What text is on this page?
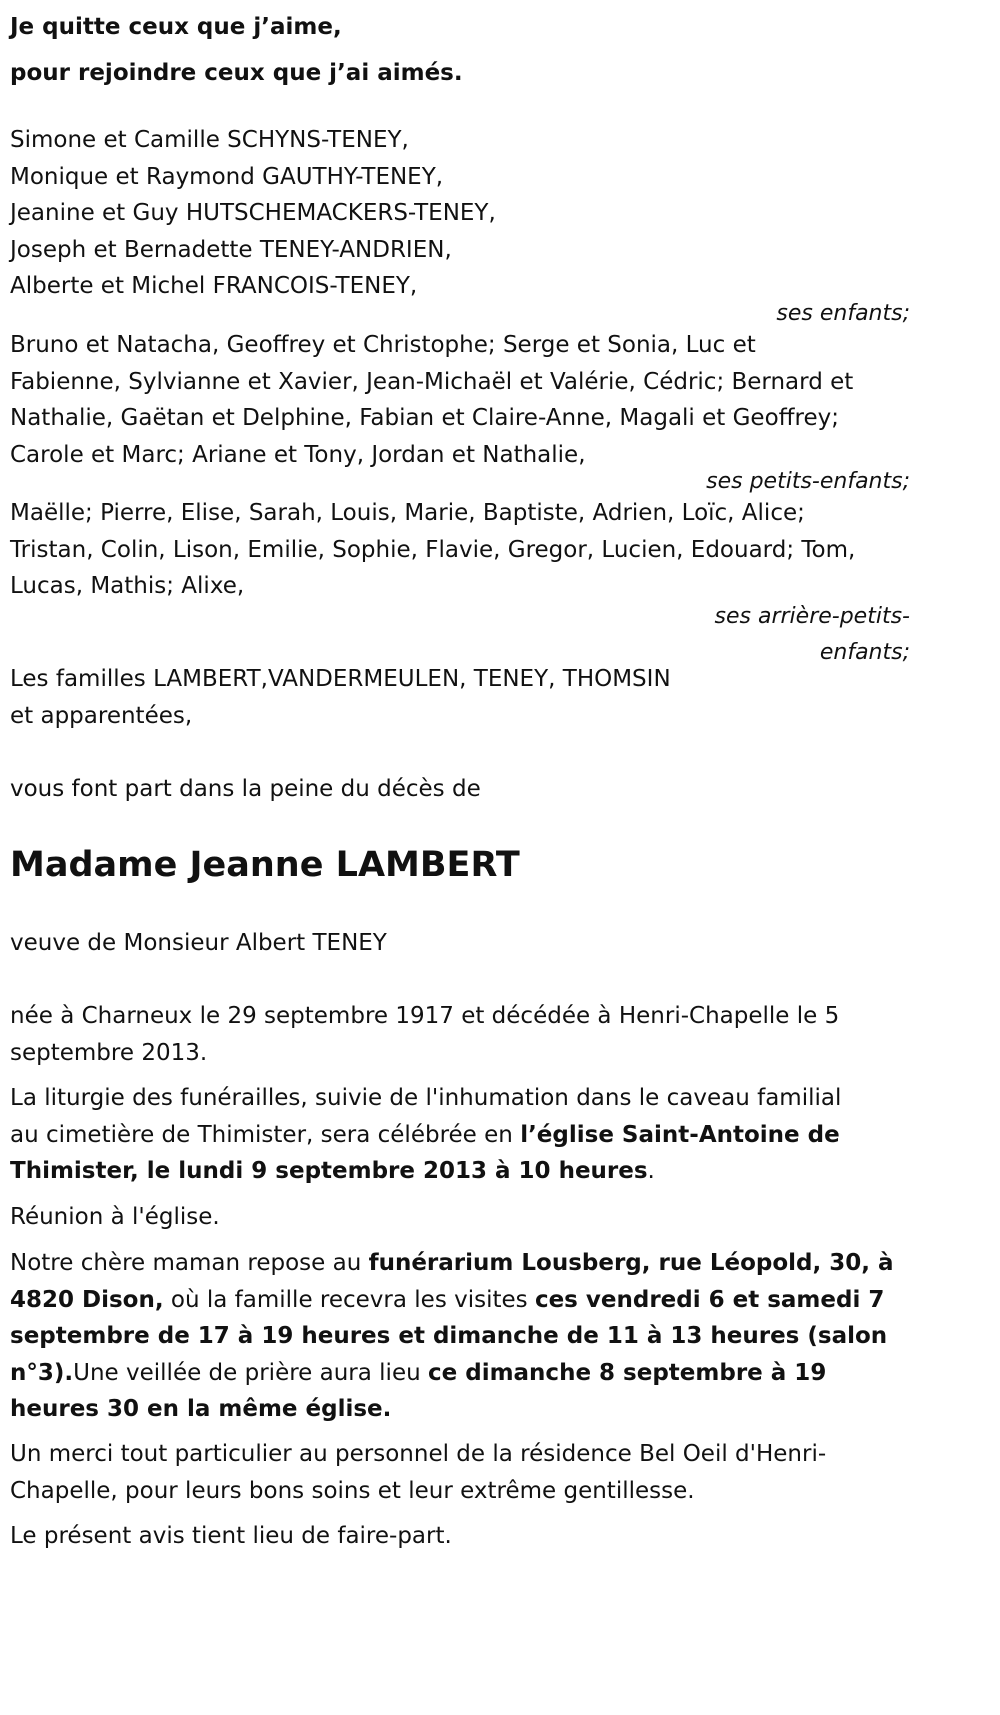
Je quitte ceux que j’aime,
pour rejoindre ceux que j’ai aimés.
Simone et Camille SCHYNS-TENEY,
Monique et Raymond GAUTHY-TENEY,
Jeanine et Guy HUTSCHEMACKERS-TENEY,
Joseph et Bernadette TENEY-ANDRIEN,
Alberte et Michel FRANCOIS-TENEY,
ses enfants;
Bruno et Natacha, Geoffrey et Christophe; Serge et Sonia, Luc et
Fabienne, Sylvianne et Xavier, Jean-Michaël et Valérie, Cédric; Bernard et
Nathalie, Gaëtan et Delphine, Fabian et Claire-Anne, Magali et Geoffrey;
Carole et Marc; Ariane et Tony, Jordan et Nathalie,
ses petits-enfants;
Maëlle; Pierre, Elise, Sarah, Louis, Marie, Baptiste, Adrien, Loïc, Alice;
Tristan, Colin, Lison, Emilie, Sophie, Flavie, Gregor, Lucien, Edouard; Tom,
Lucas, Mathis; Alixe,
ses arrière-petits-
enfants;
Les familles LAMBERT,VANDERMEULEN, TENEY, THOMSIN
et apparentées,
vous font part dans la peine du décès de
Madame Jeanne LAMBERT
veuve de Monsieur Albert TENEY
née à Charneux le 29 septembre 1917 et décédée à Henri-Chapelle le 5
septembre 2013.
La liturgie des funérailles, suivie de l'inhumation dans le caveau familial
au cimetière de Thimister, sera célébrée en l’église Saint-Antoine de
Thimister, le lundi 9 septembre 2013 à 10 heures.
Réunion à l'église.
Notre chère maman repose au funérarium Lousberg, rue Léopold, 30, à
4820 Dison, où la famille recevra les visites ces vendredi 6 et samedi 7
septembre de 17 à 19 heures et dimanche de 11 à 13 heures (salon
n°3).Une veillée de prière aura lieu ce dimanche 8 septembre à 19
heures 30 en la même église.
Un merci tout particulier au personnel de la résidence Bel Oeil d'Henri-
Chapelle, pour leurs bons soins et leur extrême gentillesse.
Le présent avis tient lieu de faire-part.
